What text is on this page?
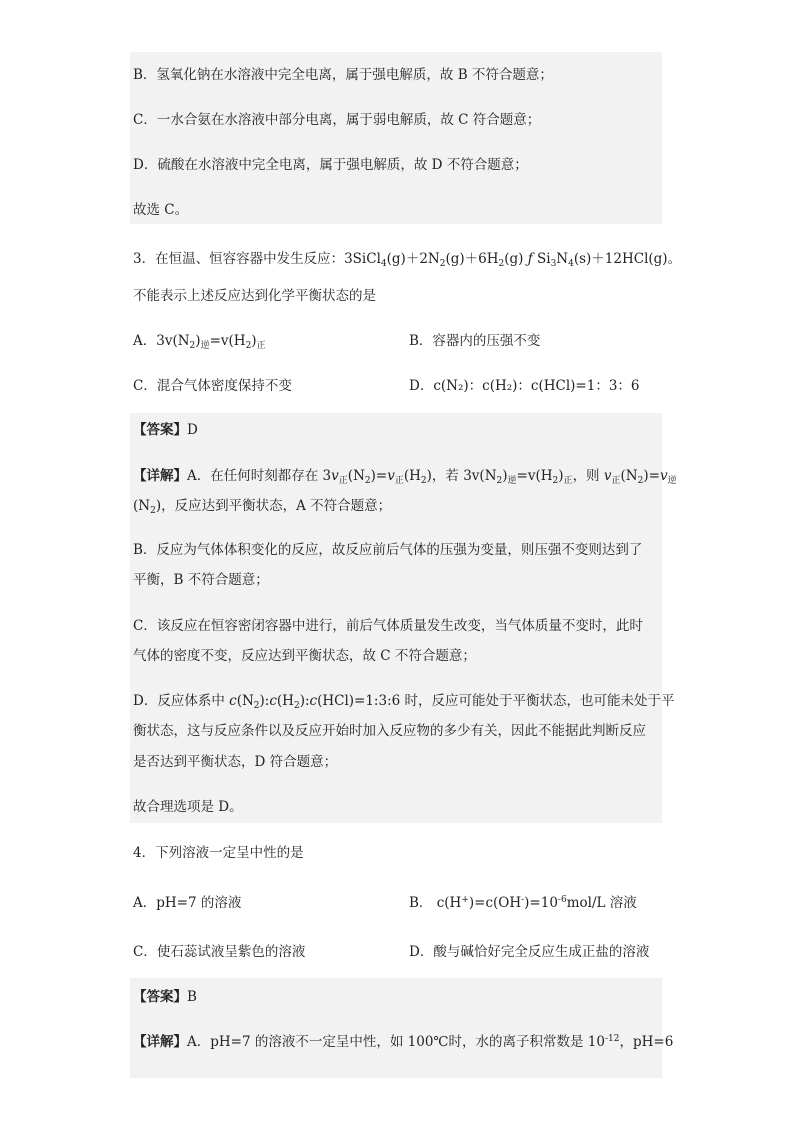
B．氢氧化钠在水溶液中完全电离，属于强电解质，故 B 不符合题意；
C．一水合氨在水溶液中部分电离，属于弱电解质，故 C 符合题意；
D．硫酸在水溶液中完全电离，属于强电解质，故 D 不符合题意；
故选 C。
3．在恒温、恒容容器中发生反应：$3SiCl_4(g)+2N_2(g)+6H_2(g)$ ƒ $Si_3N_4(s)+12HCl(g)$。
不能表示上述反应达到化学平衡状态的是
A．$3v(N_2)_逆=v(H_2)_正$	B．容器内的压强不变
C．混合气体密度保持不变	D．c(N₂)：c(H₂)：c(HCl)=1：3：6
【答案】D
【详解】A．在任何时刻都存在 $3v_正(N_2)=v_正(H_2)$，若 $3v(N_2)_逆=v(H_2)_正$，则 $v_正(N_2)=v_逆$
$(N_2)$，反应达到平衡状态，A 不符合题意；
B．反应为气体体积变化的反应，故反应前后气体的压强为变量，则压强不变则达到了
平衡，B 不符合题意；
C．该反应在恒容密闭容器中进行，前后气体质量发生改变，当气体质量不变时，此时
气体的密度不变，反应达到平衡状态，故 C 不符合题意；
D．反应体系中 $c(N_2):c(H_2):c(HCl)=1:3:6$ 时，反应可能处于平衡状态，也可能未处于平
衡状态，这与反应条件以及反应开始时加入反应物的多少有关，因此不能据此判断反应
是否达到平衡状态，D 符合题意；
故合理选项是 D。
4．下列溶液一定呈中性的是
A．pH=7 的溶液	B． $c(H^+)=c(OH^-)=10^{-6}mol/L$ 溶液
C．使石蕊试液呈紫色的溶液	D．酸与碱恰好完全反应生成正盐的溶液
【答案】B
【详解】A．pH=7 的溶液不一定呈中性，如 100℃时，水的离子积常数是 $10^{-12}$，pH=6
